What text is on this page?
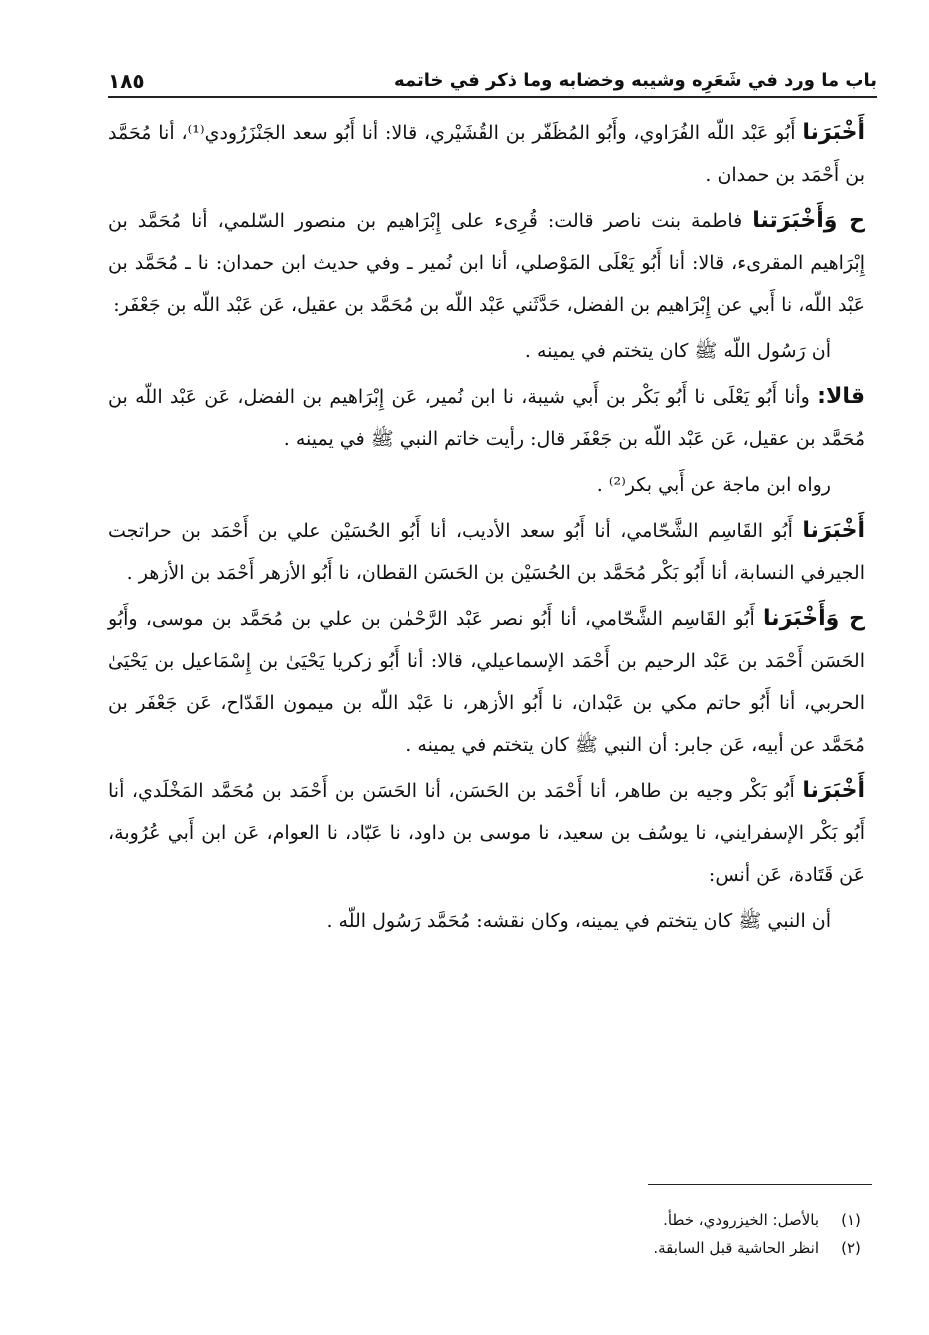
باب ما ورد في شَعَرِه وشيبه وخضابه وما ذكر في خاتمه
١٨٥

أَخْبَرَنا أَبُو عَبْد اللّه الفُرَاوي، وأَبُو المُظَفّر بن القُشَيْري، قالا: أنا أَبُو سعد الجَنْزَرُودي⁽¹⁾، أنا مُحَمَّد بن أَحْمَد بن حمدان .

ح وَأَخْبَرَتنا فاطمة بنت ناصر قالت: قُرِىء على إِبْرَاهيم بن منصور السّلمي، أنا مُحَمَّد بن إِبْرَاهيم المقرىء، قالا: أنا أَبُو يَعْلَى المَوْصلي، أنا ابن نُمير ـ وفي حديث ابن حمدان: نا ـ مُحَمَّد بن عَبْد اللّه، نا أَبي عن إِبْرَاهيم بن الفضل، حَدَّثَني عَبْد اللّه بن مُحَمَّد بن عقيل، عَن عَبْد اللّه بن جَعْفَر:

أن رَسُول اللّه ﷺ كان يتختم في يمينه .

قالا: وأنا أَبُو يَعْلَى نا أَبُو بَكْر بن أَبي شيبة، نا ابن نُمير، عَن إِبْرَاهيم بن الفضل، عَن عَبْد اللّه بن مُحَمَّد بن عقيل، عَن عَبْد اللّه بن جَعْفَر قال: رأيت خاتم النبي ﷺ في يمينه .

رواه ابن ماجة عن أَبي بكر⁽²⁾ .

أَخْبَرَنا أَبُو القَاسِم الشَّحّامي، أنا أَبُو سعد الأديب، أنا أَبُو الحُسَيْن علي بن أَحْمَد بن حراتجت الجيرفي النسابة، أنا أَبُو بَكْر مُحَمَّد بن الحُسَيْن بن الحَسَن القطان، نا أَبُو الأزهر أَحْمَد بن الأزهر .

ح وَأَخْبَرَنا أَبُو القَاسِم الشَّحّامي، أنا أَبُو نصر عَبْد الرَّحْمٰن بن علي بن مُحَمَّد بن موسى، وأَبُو الحَسَن أَحْمَد بن عَبْد الرحيم بن أَحْمَد الإسماعيلي، قالا: أنا أَبُو زكريا يَحْيَىٰ بن إِسْمَاعيل بن يَحْيَىٰ الحربي، أنا أَبُو حاتم مكي بن عَبْدان، نا أَبُو الأزهر، نا عَبْد اللّه بن ميمون القَدّاح، عَن جَعْفَر بن مُحَمَّد عن أبيه، عَن جابر: أن النبي ﷺ كان يتختم في يمينه .

أَخْبَرَنا أَبُو بَكْر وجيه بن طاهر، أنا أَحْمَد بن الحَسَن، أنا الحَسَن بن أَحْمَد بن مُحَمَّد المَخْلَدي، أنا أَبُو بَكْر الإسفرايني، نا يوسُف بن سعيد، نا موسى بن داود، نا عَبّاد، نا العوام، عَن ابن أَبي عُرُوبة، عَن قَتَادة، عَن أنس:

أن النبي ﷺ كان يتختم في يمينه، وكان نقشه: مُحَمَّد رَسُول اللّه .

(١)
بالأصل: الخيزرودي، خطأ.
(٢)
انظر الحاشية قبل السابقة.
